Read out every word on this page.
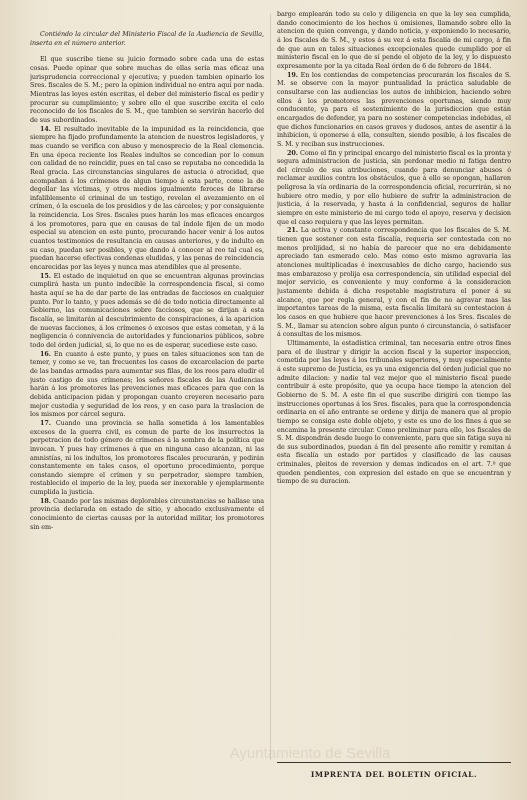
Contiéndo la circular del Ministerio Fiscal de la Audiencia de Sevilla, inserta en el número anterior.

El que suscribe tiene su juicio formado sobre cada una de estas cosas. Puede opinar que sobre muchas de ellas sería mas eficaz una jurisprudencia correccional y ejecutiva; y pueden tambien opinarlo los Sres. fiscales de S. M.; pero la opinion individual no entra aquí por nada. Mientras las leyes estén escritas, el deber del ministerio fiscal es pedir y procurar su cumplimiento; y sobre ello el que suscribe excita el celo reconocido de los fiscales de S. M., que tambien se servirán hacerlo del de sus subordinados.

14. El resultado inevitable de la impunidad es la reincidencia, que siempre ha fijado profundamente la atencion de nuestros legisladores, y mas cuando se verifica con abuso y menosprecio de la Real clemencia. En una época reciente los Reales indultos se concedian por lo comun con calidad de no reincidir, pues en tal caso se reputaba no concedida la Real gracia. Las circunstancias singulares de astucia ó atrocidad, que acompañan á los crímenes de algun tiempo á esta parte, como la de degollar las víctimas, y otros medios igualmente feroces de librarse infaliblemente el criminal de un testigo, revelan el avezamiento en el crímen, ó la escuela de los presidios y de las cárceles; y por consiguiente la reincidencia. Los Sres. fiscales pues harán los mas eficaces encargos á los promotores, para que en causas de tal índole fijen de un modo especial su atencion en este punto, procurando hacer venir á los autos cuantos testimonios de resultancia en causas anteriores, y de indulto en su caso, puedan ser posibles, y que dando á conocer al reo tal cual es, puedan hacerse efectivas condenas eludidas, y las penas de reincidencia encarecidas por las leyes y nunca mas atendibles que al presente.

15. El estado de inquietud en que se encuentran algunas provincias cumplirá hasta un punto indecible la correspondencia fiscal, si como hasta aquí se ha de dar parte de las entradas de facciosos en cualquier punto. Por lo tanto, y pues además se dé de todo noticia directamente al Gobierno, las comunicaciones sobre facciosos, que se dirijan á esta fiscalía, se limitarán al descubrimiento de conspiraciones, á la aparicion de nuevas facciones, á los crímenes ó excesos que estas cometan, y á la negligencia ó connivencia de autoridades y funcionarios públicos, sobre todo del órden judicial, si, lo que no es de esperar, sucediese este caso.

16. En cuanto á este punto, y pues en tales situaciones son tan de temer, y como se ve, tan frecuentes los casos de excarcelacion de parte de las bandas armadas para aumentar sus filas, de los reos para eludir el justo castigo de sus crímenes; los señores fiscales de las Audiencias harán á los promotores las prevenciones mas eficaces para que con la debida anticipacion pidan y propongan cuanto creyeren necesario para mejor custodia y seguridad de los reos, y en caso para la traslacion de los mismos por cárcel segura.

17. Cuando una provincia se halla sometida á los lamentables excesos de la guerra civil, es comun de parte de los insurrectos la perpetracion de todo género de crímenes á la sombra de la política que invocan. Y pues hay crímenes á que en ninguna caso alcanzan, ni las amnistías, ni los indultos, los promotores fiscales procurarán, y pedirán constantemente en tales casos, el oportuno procedimiento, porque constando siempre el crímen y su perpetrador, siempre tambien, restablecido el imperio de la ley, pueda ser inexorable y ejemplarmente cumplida la justicia.

18. Cuando por las mismas deplorables circunstancias se hallase una provincia declarada en estado de sitio, y ahocado exclusivamente el conocimiento de ciertas causas por la autoridad militar, los promotores sin em-

bargo emplearán todo su celo y diligencia en que la ley sea cumplida, dando conocimiento de los hechos ú omisiones, llamando sobre ello la atencion de quien convenga, y dando noticia, y exponiendo lo necesario, á los fiscales de S. M., y estos á su vez á esta fiscalía de mi cargo, á fin de que aun en tales situaciones excepcionales quede cumplido por el ministerio fiscal en lo que de sí pende el objeto de la ley, y lo dispuesto expresamente por la ya citada Real órden de 6 de febrero de 1844.

19. En los contiendas de competencias procurarán los fiscales de S. M. se observe con la mayor puntualidad la práctica saludable de consultarse con las audiencias los autos de inhibicion, haciendo sobre ellos á los promotores las prevenciones oportunas, siendo muy conducente, ya para el sostenimiento de la jurisdiccion que están encargados de defender, ya para no sostener competencias indebidas, el que dichos funcionarios en casos graves y dudosos, antes de asentir á la inhibicion, ú oponerse á ella, consulten, siendo posible, á los fiscales de S. M. y reciban sus instrucciones.

20. Como el fin y principal encargo del ministerio fiscal es la pronta y segura administracion de justicia, sin perdonar medio ni fatiga dentro del círculo de sus atribuciones, cuando para denunciar abusos ó reclamar auxilios contra los obstáculos, que á ello se opongan, hallaren peligrosa la vía ordinaria de la correspondencia oficial, recurrirán, si no hubiere otro medio, y por ello hubiere de sufrir la administracion de justicia, á la reservada, y hasta á la confidencial, seguros de hallar siempre en este ministerio de mi cargo todo el apoyo, reserva y decision que el caso requiera y que las leyes permitan.

21. La activa y constante correspondencia que los fiscales de S. M. tienen que sostener con esta fiscalía, requeria ser contestada con no menos prolijidad, si no había de parecer que no era debidamente apreciado tan esmerado celo. Mas como esto mismo agravaria las atenciones multiplicadas é inexcusables de dicho cargo, haciendo sus mas embarazoso y prolija esa correspondencia, sin utilidad especial del mejor servicio, es conveniente y muy conforme á la consideracion justamente debida á dicha respetable magistratura el poner á su alcance, que por regla general, y con el fin de no agravar mas las importantes tareas de la misma, esta fiscalía limitará su contestacion á los casos en que hubiere que hacer prevenciones á los Sres. fiscales de S. M., llamar su atencion sobre algun punto ó circunstancia, ó satisfacer á consultas de los mismos.

Ultimamente, la estadística criminal, tan necesaria entre otros fines para el de ilustrar y dirigir la accion fiscal y la superior inspeccion, cometida por las leyes á los tribunales superiores, y muy especialmente á este supremo de Justicia, es ya una exigencia del órden judicial que no admite dilacion: y nadie tal vez mejor que el ministerio fiscal puede contribuir á este propósito, que ya ocupa hace tiempo la atencion del Gobierno de S. M. A este fin el que suscribe dirigirá con tiempo las instrucciones oportunas á los Sres. fiscales, para que la correspondencia ordinaria en el año entrante se ordene y dirija de manera que al propio tiempo se consiga este doble objeto, y este es uno de los fines á que se encamina la presente circular. Como preliminar para ello, los fiscales de S. M. dispondrán desde luego lo conveniente, para que sin fatiga suya ni de sus subordinados, puedan á fin del presente año remitir y remitan á esta fiscalía un estado por partidos y clasificado de las causas criminales, pleitos de reversion y demas indicados en el art. 7.º que queden pendientes, con expresion del estado en que se encuentran y tiempo de su duracion.

IMPRENTA DEL BOLETIN OFICIAL.
Ayuntamiento de Sevilla
